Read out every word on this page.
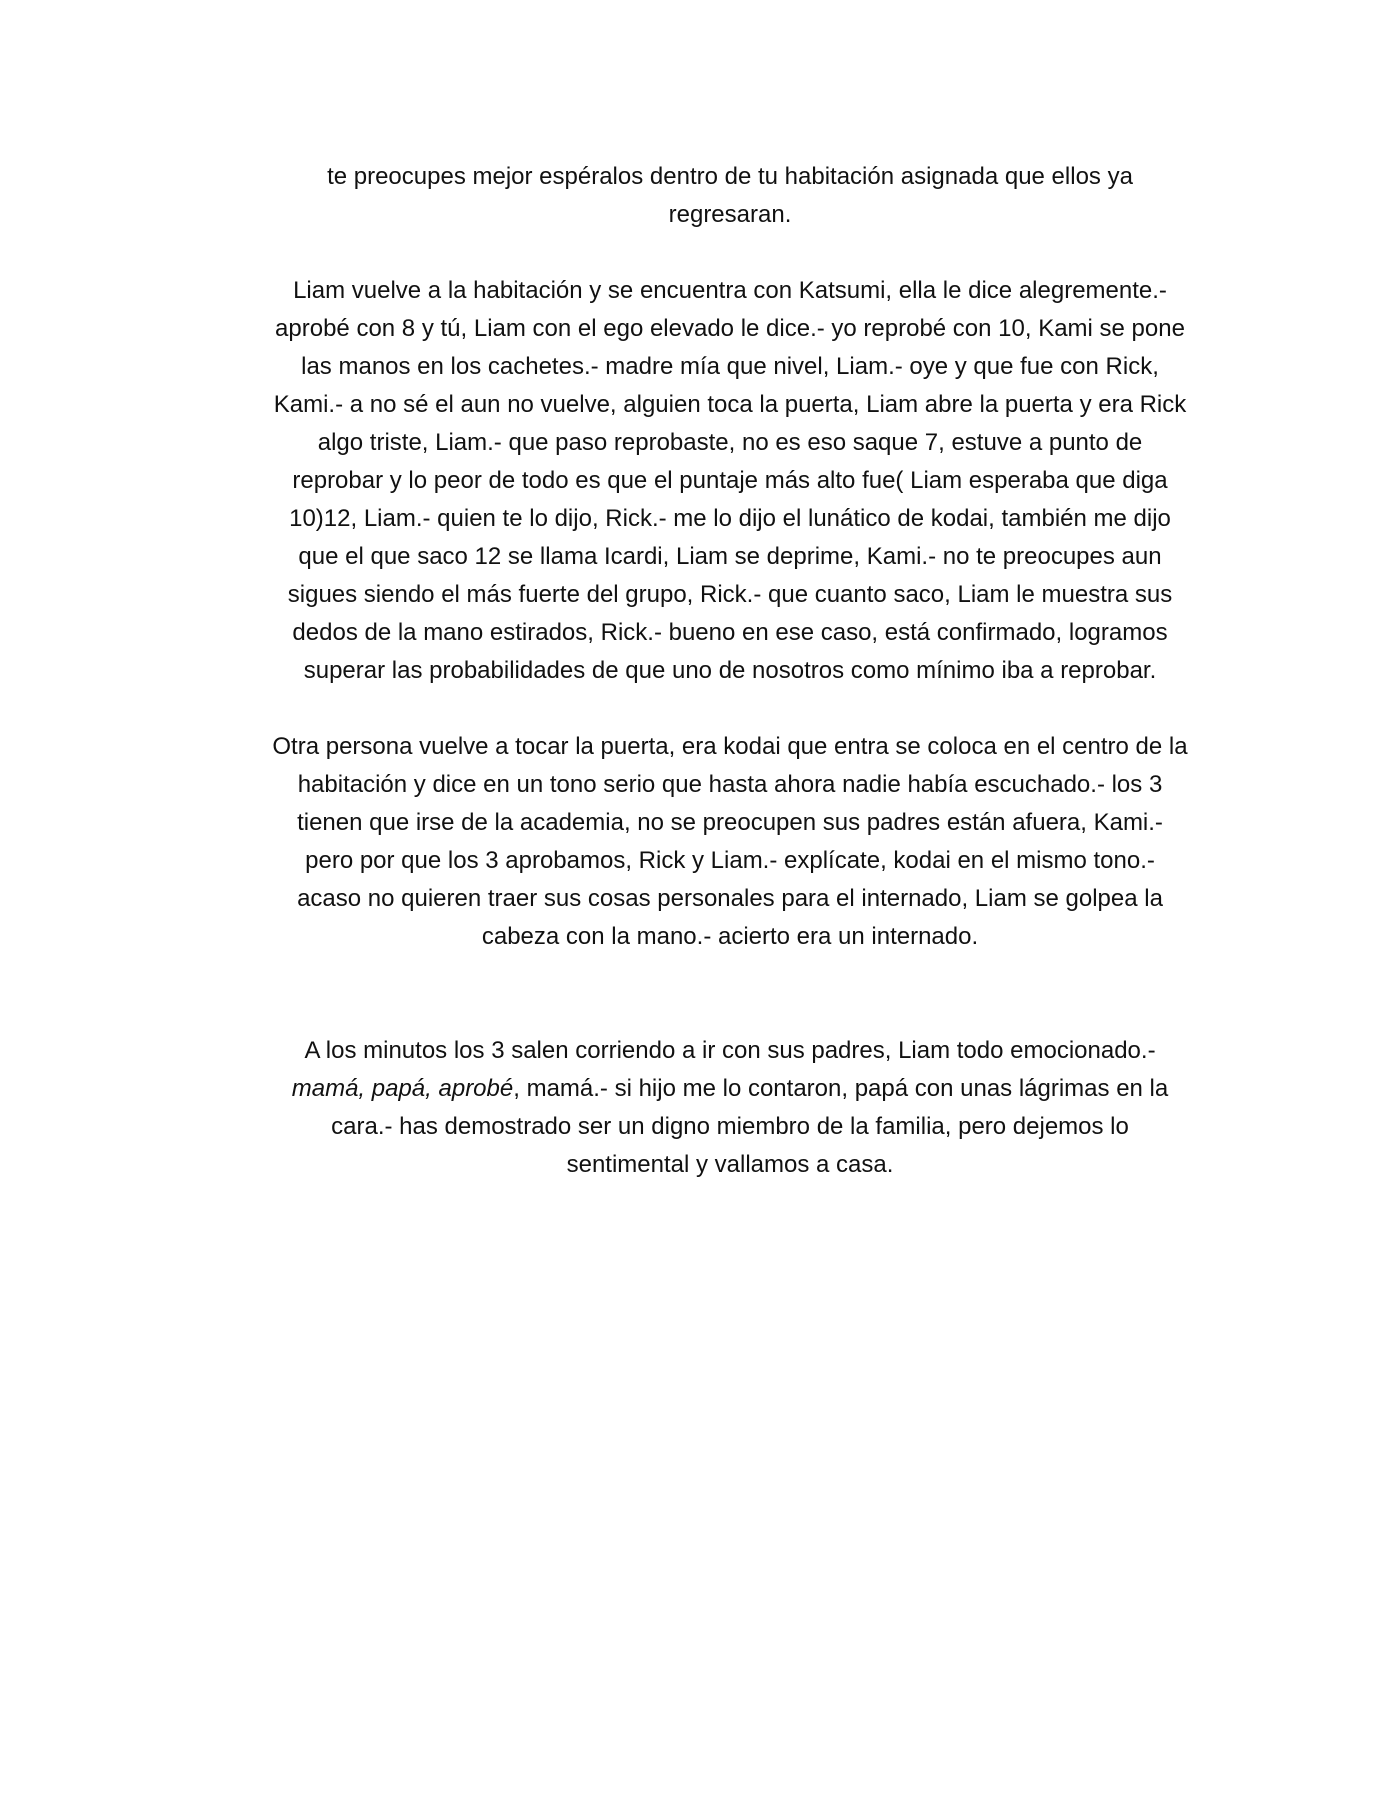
te preocupes mejor espéralos dentro de tu habitación asignada que ellos ya regresaran.

Liam vuelve a la habitación y se encuentra con Katsumi, ella le dice alegremente.- aprobé con 8 y tú, Liam con el ego elevado le dice.- yo reprobé con 10, Kami se pone las manos en los cachetes.- madre mía que nivel, Liam.- oye y que fue con Rick, Kami.- a no sé el aun no vuelve, alguien toca la puerta, Liam abre la puerta y era Rick algo triste, Liam.- que paso reprobaste, no es eso saque 7, estuve a punto de reprobar y lo peor de todo es que el puntaje más alto fue( Liam esperaba que diga 10)12, Liam.- quien te lo dijo, Rick.- me lo dijo el lunático de kodai, también me dijo que el que saco 12 se llama Icardi, Liam se deprime, Kami.- no te preocupes aun sigues siendo el más fuerte del grupo, Rick.- que cuanto saco, Liam le muestra sus dedos de la mano estirados, Rick.- bueno en ese caso, está confirmado, logramos superar las probabilidades de que uno de nosotros como mínimo iba a reprobar.

Otra persona vuelve a tocar la puerta, era kodai que entra se coloca en el centro de la habitación y dice en un tono serio que hasta ahora nadie había escuchado.- los 3 tienen que irse de la academia, no se preocupen sus padres están afuera, Kami.- pero por que los 3 aprobamos, Rick y Liam.- explícate, kodai en el mismo tono.- acaso no quieren traer sus cosas personales para el internado, Liam se golpea la cabeza con la mano.- acierto era un internado.

A los minutos los 3 salen corriendo a ir con sus padres, Liam todo emocionado.- mamá, papá, aprobé, mamá.- si hijo me lo contaron, papá con unas lágrimas en la cara.- has demostrado ser un digno miembro de la familia, pero dejemos lo sentimental y vallamos a casa.
